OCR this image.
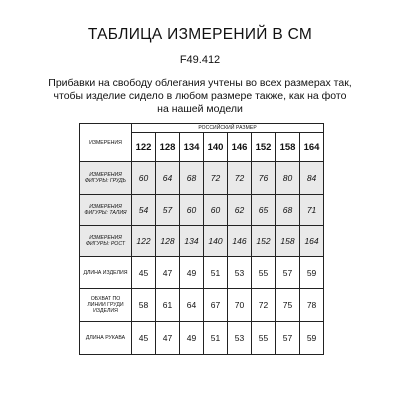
ТАБЛИЦА ИЗМЕРЕНИЙ В СМ
F49.412
Прибавки на свободу облегания учтены во всех размерах так,
чтобы изделие сидело в любом размере также, как на фото
на нашей модели
ИЗМЕРЕНИЯ	РОССИЙСКИЙ РАЗМЕР							
	122	128	134	140	146	152	158	164
ИЗМЕРЕНИЯ ФИГУРЫ: ГРУДЬ	60	64	68	72	72	76	80	84
ИЗМЕРЕНИЯ ФИГУРЫ: ТАЛИЯ	54	57	60	60	62	65	68	71
ИЗМЕРЕНИЯ ФИГУРЫ: РОСТ	122	128	134	140	146	152	158	164
ДЛИНА ИЗДЕЛИЯ	45	47	49	51	53	55	57	59
ОБХВАТ ПО ЛИНИИ ГРУДИ ИЗДЕЛИЯ	58	61	64	67	70	72	75	78
ДЛИНА РУКАВА	45	47	49	51	53	55	57	59
